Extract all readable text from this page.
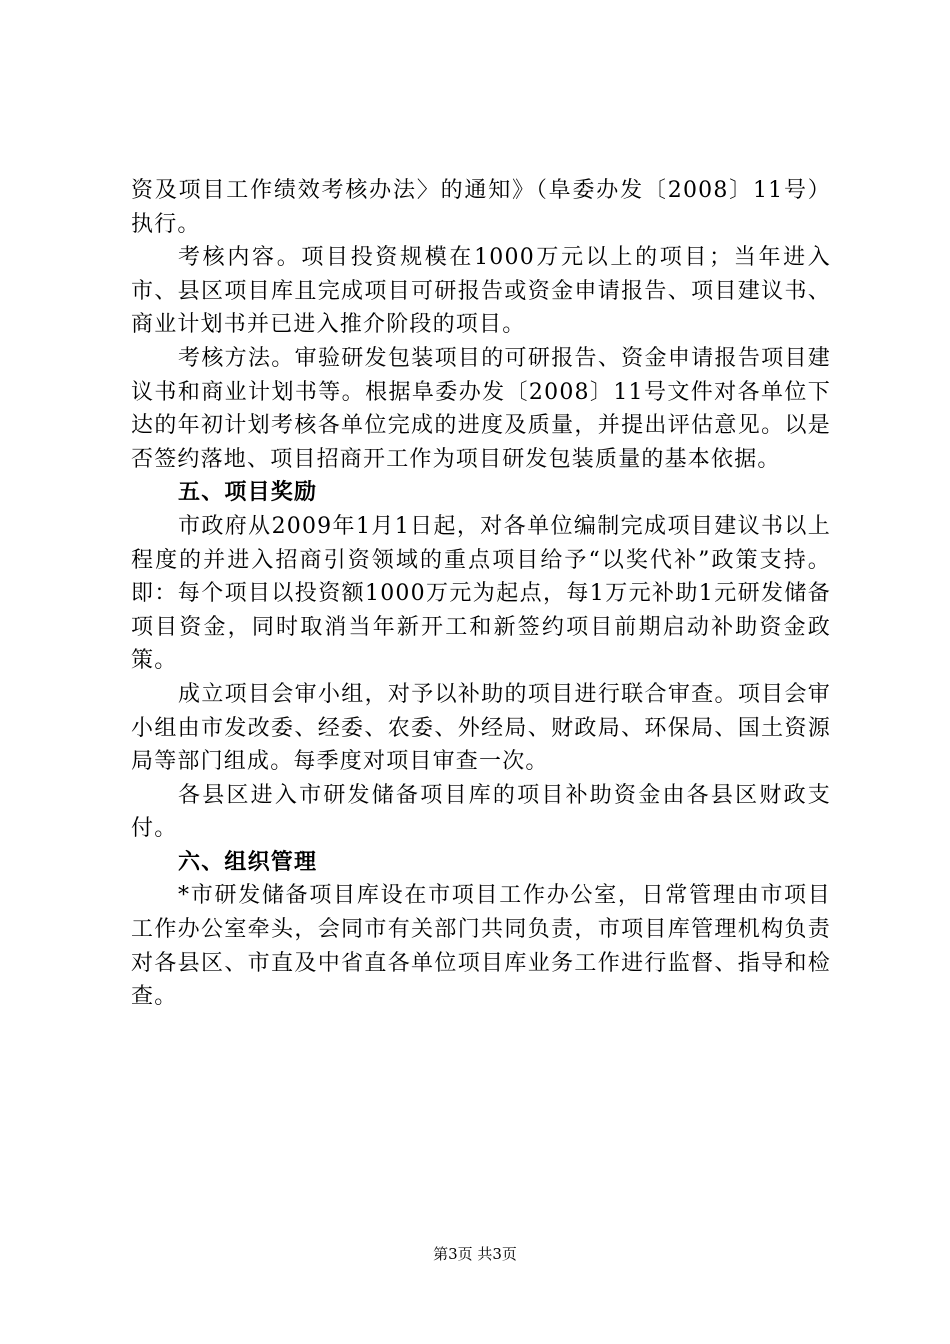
资及项目工作绩效考核办法〉的通知》（阜委办发〔2008〕11号）执行。

考核内容。项目投资规模在1000万元以上的项目；当年进入市、县区项目库且完成项目可研报告或资金申请报告、项目建议书、商业计划书并已进入推介阶段的项目。

考核方法。审验研发包装项目的可研报告、资金申请报告项目建议书和商业计划书等。根据阜委办发〔2008〕11号文件对各单位下达的年初计划考核各单位完成的进度及质量，并提出评估意见。以是否签约落地、项目招商开工作为项目研发包装质量的基本依据。

五、项目奖励

市政府从2009年1月1日起，对各单位编制完成项目建议书以上程度的并进入招商引资领域的重点项目给予“以奖代补”政策支持。即：每个项目以投资额1000万元为起点，每1万元补助1元研发储备项目资金，同时取消当年新开工和新签约项目前期启动补助资金政策。

成立项目会审小组，对予以补助的项目进行联合审查。项目会审小组由市发改委、经委、农委、外经局、财政局、环保局、国土资源局等部门组成。每季度对项目审查一次。

各县区进入市研发储备项目库的项目补助资金由各县区财政支付。

六、组织管理

*市研发储备项目库设在市项目工作办公室，日常管理由市项目工作办公室牵头，会同市有关部门共同负责，市项目库管理机构负责对各县区、市直及中省直各单位项目库业务工作进行监督、指导和检查。

第3页 共3页
